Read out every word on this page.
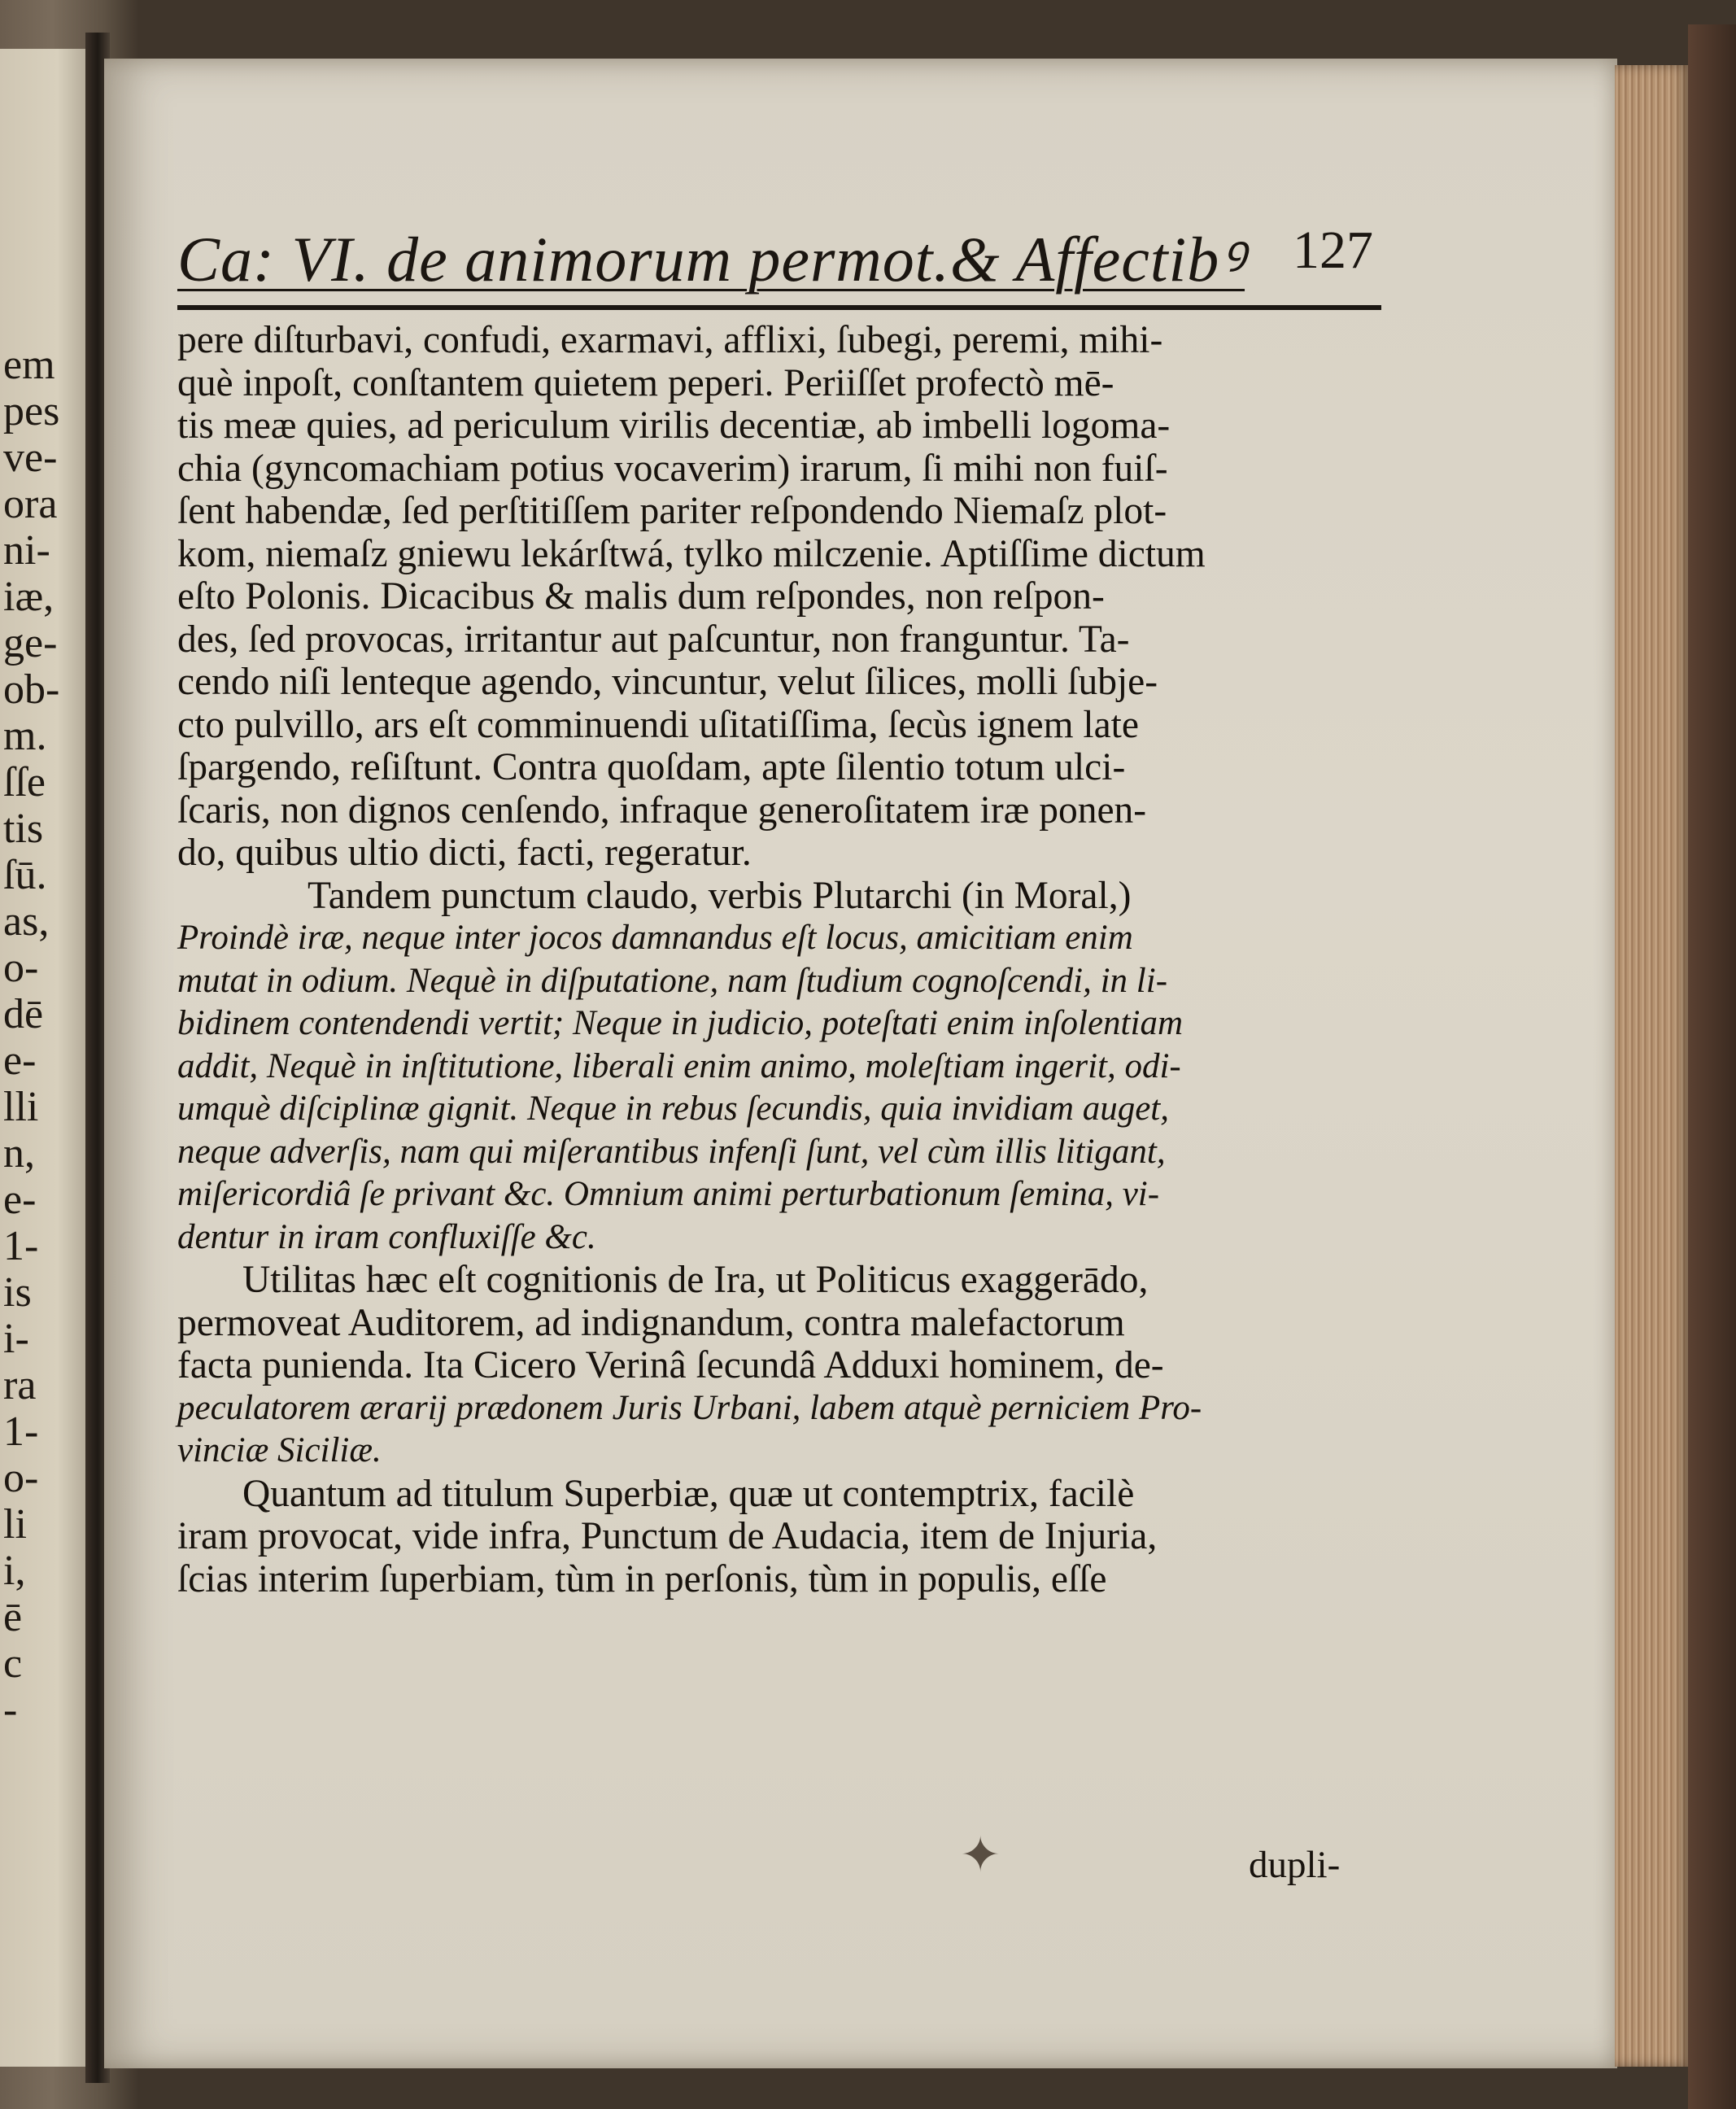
em
pes
ve-
ora
ni-
iæ,
ge-
ob-
m.
ſſe
tis
ſū.
as,
o-
dē
e-
lli
n,
e-
1-
is
i-
ra
1-
o-
li
i,
ē
c
-
Ca: VI. de animorum permot.& Affectibꝰ 127
pere diſturbavi, confudi, exarmavi, afflixi, ſubegi, peremi, mihi-
què inpoſt, conſtantem quietem peperi. Periiſſet profectò mē-
tis meæ quies, ad periculum virilis decentiæ, ab imbelli logoma-
chia (gyncomachiam potius vocaverim) irarum, ſi mihi non fuiſ-
ſent habendæ, ſed perſtitiſſem pariter reſpondendo Niemaſz plot-
kom, niemaſz gniewu lekárſtwá, tylko milczenie. Aptiſſime dictum
eſto Polonis. Dicacibus & malis dum reſpondes, non reſpon-
des, ſed provocas, irritantur aut paſcuntur, non franguntur. Ta-
cendo niſi lenteque agendo, vincuntur, velut ſilices, molli ſubje-
cto pulvillo, ars eſt comminuendi uſitatiſſima, ſecùs ignem late
ſpargendo, reſiſtunt. Contra quoſdam, apte ſilentio totum ulci-
ſcaris, non dignos cenſendo, infraque generoſitatem iræ ponen-
do, quibus ultio dicti, facti, regeratur.
Tandem punctum claudo, verbis Plutarchi (in Moral,)
Proindè iræ, neque inter jocos damnandus eſt locus, amicitiam enim
mutat in odium. Nequè in diſputatione, nam ſtudium cognoſcendi, in li-
bidinem contendendi vertit; Neque in judicio, poteſtati enim inſolentiam
addit, Nequè in inſtitutione, liberali enim animo, moleſtiam ingerit, odi-
umquè diſciplinæ gignit. Neque in rebus ſecundis, quia invidiam auget,
neque adverſis, nam qui miſerantibus infenſi ſunt, vel cùm illis litigant,
miſericordiâ ſe privant &c. Omnium animi perturbationum ſemina, vi-
dentur in iram confluxiſſe &c.
Utilitas hæc eſt cognitionis de Ira, ut Politicus exaggerādo,
permoveat Auditorem, ad indignandum, contra malefactorum
facta punienda. Ita Cicero Verinâ ſecundâ Adduxi hominem, de-
peculatorem ærarij prædonem Juris Urbani, labem atquè perniciem Pro-
vinciæ Siciliæ.
Quantum ad titulum Superbiæ, quæ ut contemptrix, facilè
iram provocat, vide infra, Punctum de Audacia, item de Injuria,
ſcias interim ſuperbiam, tùm in perſonis, tùm in populis, eſſe
✦	dupli-
